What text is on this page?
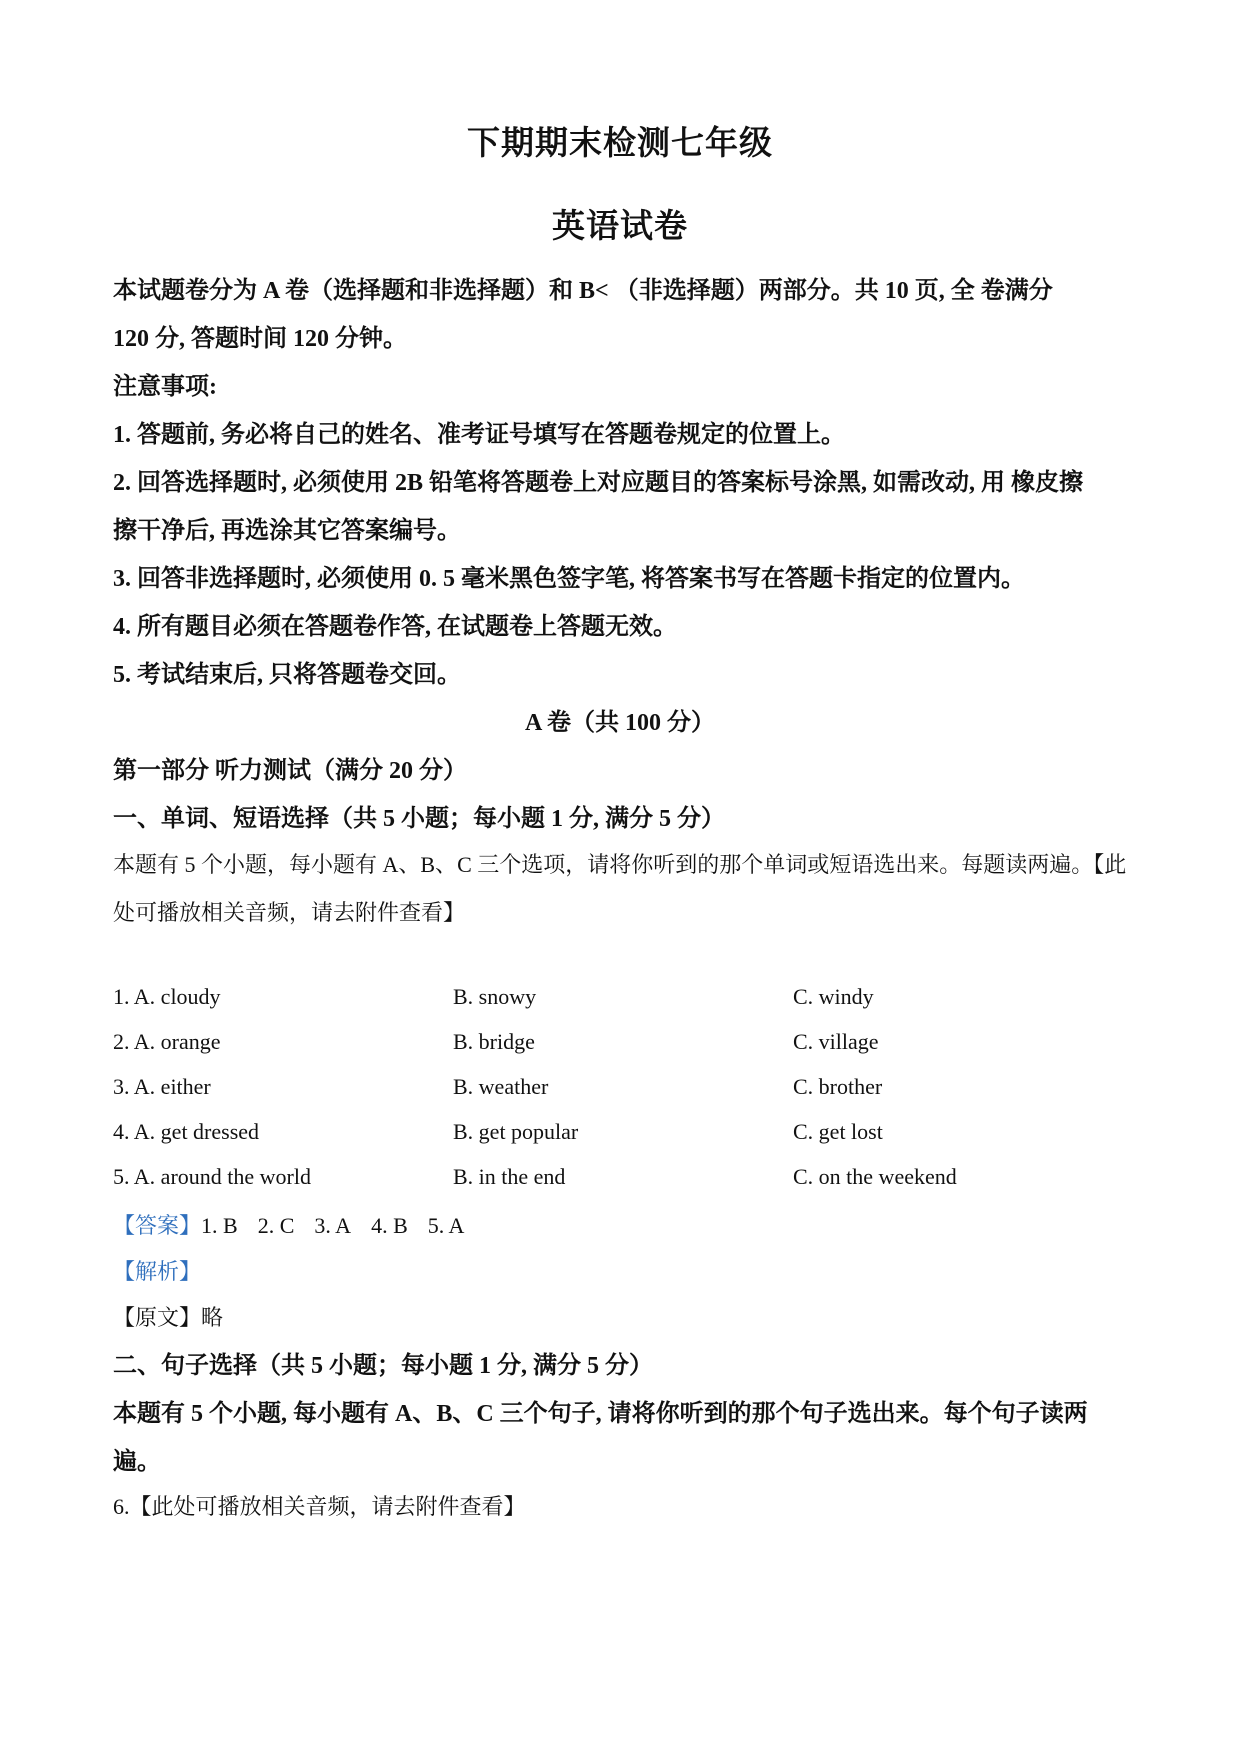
下期期末检测七年级
英语试卷
本试题卷分为 A 卷（选择题和非选择题）和 B< （非选择题）两部分。共 10 页, 全 卷满分
120 分, 答题时间 120 分钟。
注意事项:
1. 答题前, 务必将自己的姓名、准考证号填写在答题卷规定的位置上。
2. 回答选择题时, 必须使用 2B 铅笔将答题卷上对应题目的答案标号涂黑, 如需改动, 用 橡皮擦
擦干净后, 再选涂其它答案编号。
3. 回答非选择题时, 必须使用 0. 5 毫米黑色签字笔, 将答案书写在答题卡指定的位置内。
4. 所有题目必须在答题卷作答, 在试题卷上答题无效。
5. 考试结束后, 只将答题卷交回。
A 卷（共 100 分）
第一部分 听力测试（满分 20 分）
一、单词、短语选择（共 5 小题；每小题 1 分, 满分 5 分）
本题有 5 个小题，每小题有 A、B、C 三个选项，请将你听到的那个单词或短语选出来。每题读两遍。【此
处可播放相关音频，请去附件查看】
1. A. cloudy	B. snowy	C. windy
2. A. orange	B. bridge	C. village
3. A. either	B. weather	C. brother
4. A. get dressed	B. get popular	C. get lost
5. A. around the world	B. in the end	C. on the weekend
【答案】1. B 2. C 3. A 4. B 5. A
【解析】
【原文】略
二、句子选择（共 5 小题；每小题 1 分, 满分 5 分）
本题有 5 个小题, 每小题有 A、B、C 三个句子, 请将你听到的那个句子选出来。每个句子读两
遍。
6.【此处可播放相关音频，请去附件查看】
